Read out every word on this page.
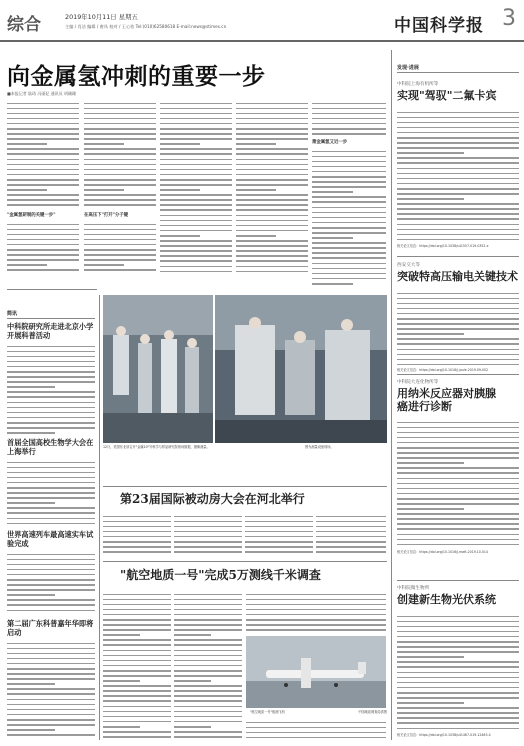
综合	2019年10月11日 星期五
主编 / 肖洁 编辑 / 唐凤 校对 / 王心怡 Tel:(010)62580618 E-mail:news@stimes.cn	中国科学报 3
向金属氢冲刺的重要一步
■本报记者 陆琦 冯丽妃 通讯员 胡珊珊
"金属氢研制的关键一步"	在高压下"打开"分子键
萧金属氢又近一步
简讯
中科院研究所走进北京小学开展科普活动
首届全国高校生物学大会在上海举行
世界高速列车最高速实车试验完成
第二届广东科普嘉年华即将启动
12月，美国东北部召开"金属10"号科学与样品研究院现场数据，摄像测量。	图为测量设备现场。
第23届国际被动房大会在河北举行
"航空地质一号"完成5万测线千米调查
"航空地质一号"航测飞机	中国地质调查局供图
发现·进展
中科院上海有机所等
实现"驾驭"二氟卡宾
相关论文信息：https://doi.org/10.1038/s41557-019-0352-x
西安交大等
突破特高压输电关键技术
相关论文信息：https://doi.org/10.1016/j.joule.2019.09.002
中科院大连化物所等
用纳米反应器对胰腺癌进行诊断
相关论文信息：https://doi.org/10.1016/j.matt.2019.10.014
中科院微生物所
创建新生物光伏系统
相关论文信息：https://doi.org/10.1038/s41467-019-12463-4
